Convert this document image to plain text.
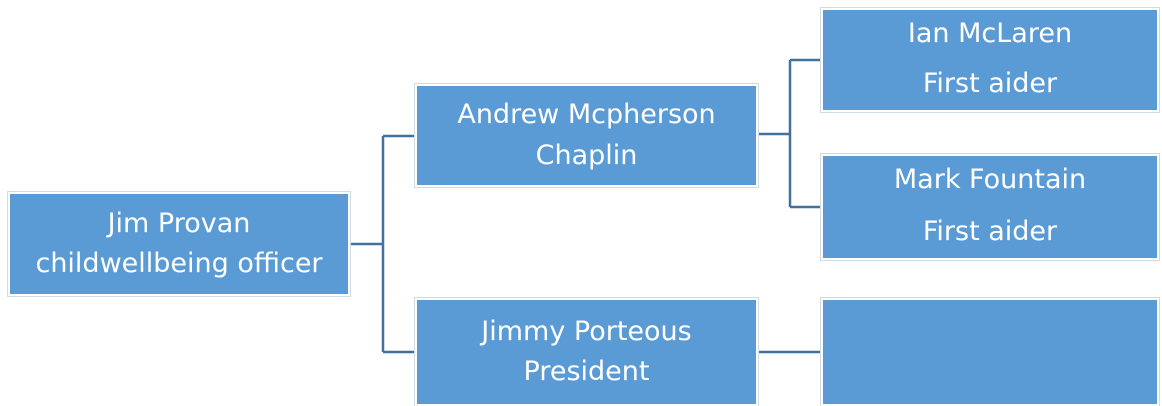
Jim Provan
childwellbeing officer
Andrew Mcpherson
Chaplin
Jimmy Porteous
President
Ian McLaren
First aider
Mark Fountain
First aider
